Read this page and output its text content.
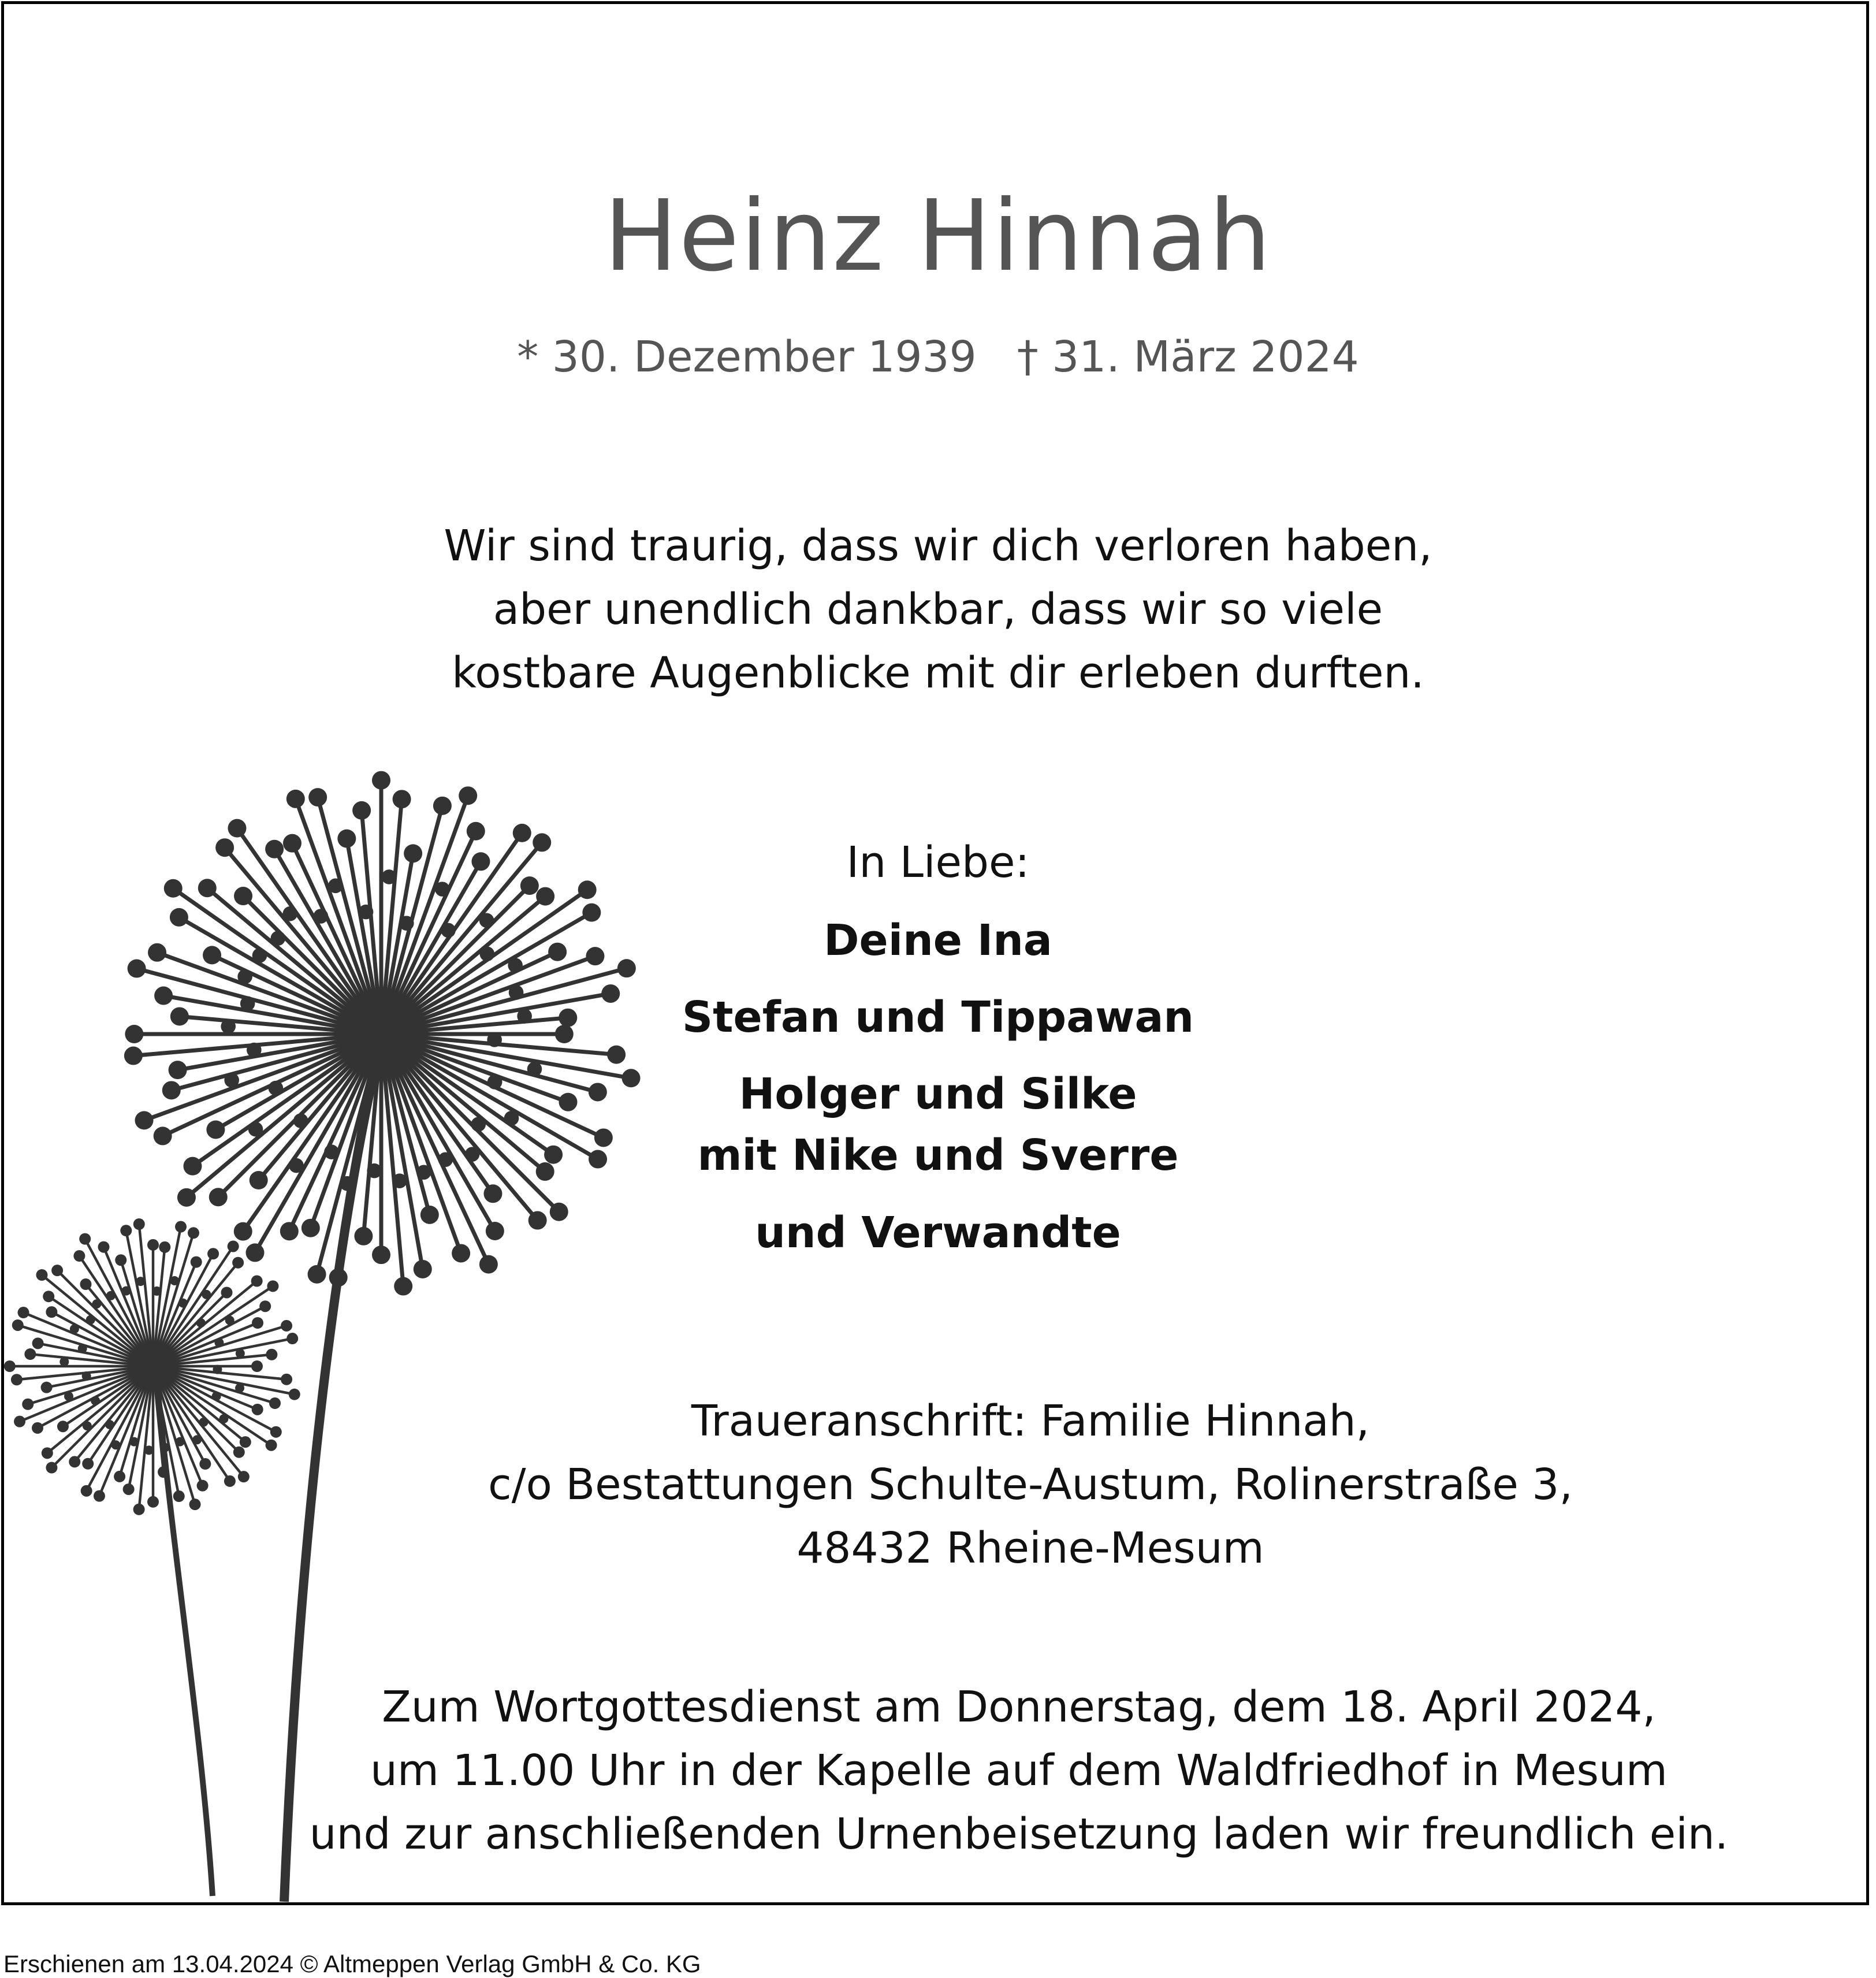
Heinz Hinnah
* 30. Dezember 1939 † 31. März 2024
Wir sind traurig, dass wir dich verloren haben,
aber unendlich dankbar, dass wir so viele
kostbare Augenblicke mit dir erleben durften.
In Liebe:
Deine Ina
Stefan und Tippawan
Holger und Silke
mit Nike und Sverre
und Verwandte
Traueranschrift: Familie Hinnah,
c/o Bestattungen Schulte-Austum, Rolinerstraße 3,
48432 Rheine-Mesum
Zum Wortgottesdienst am Donnerstag, dem 18. April 2024,
um 11.00 Uhr in der Kapelle auf dem Waldfriedhof in Mesum
und zur anschließenden Urnenbeisetzung laden wir freundlich ein.
Erschienen am 13.04.2024 © Altmeppen Verlag GmbH & Co. KG
